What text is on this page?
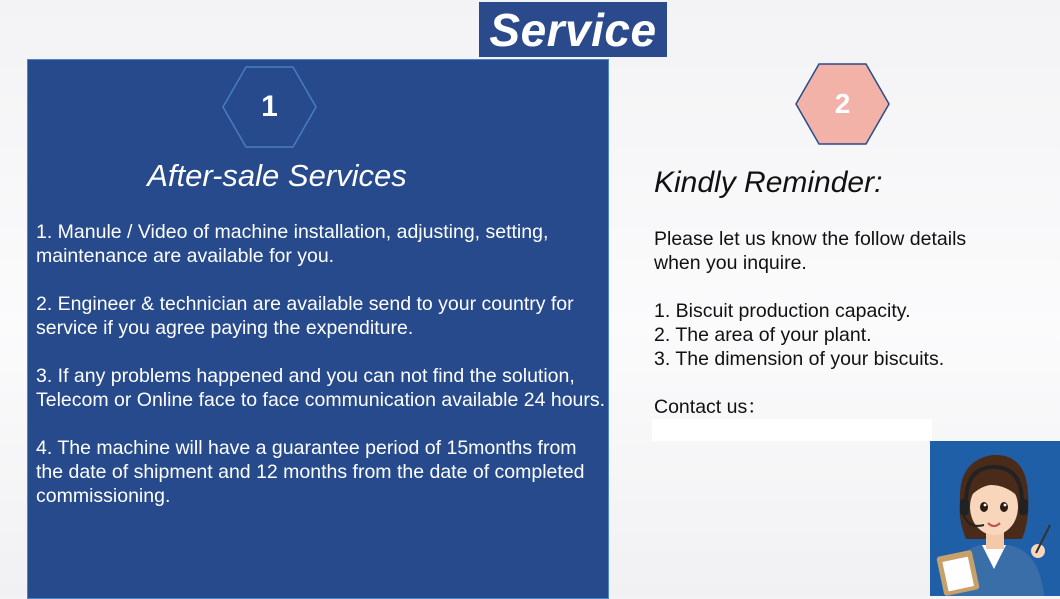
Service
1
After-sale Services

1. Manule / Video of machine installation, adjusting, setting, maintenance are available for you.

2. Engineer & technician are available send to your country for service if you agree paying the expenditure.

3. If any problems happened and you can not find the solution, Telecom or Online face to face communication available 24 hours.

4. The machine will have a guarantee period of 15months from the date of shipment and 12 months from the date of completed commissioning.

2
Kindly Reminder:

Please let us know the follow details when you inquire.

1. Biscuit production capacity.

2. The area of your plant.

3. The dimension of your biscuits.

Contact us：
